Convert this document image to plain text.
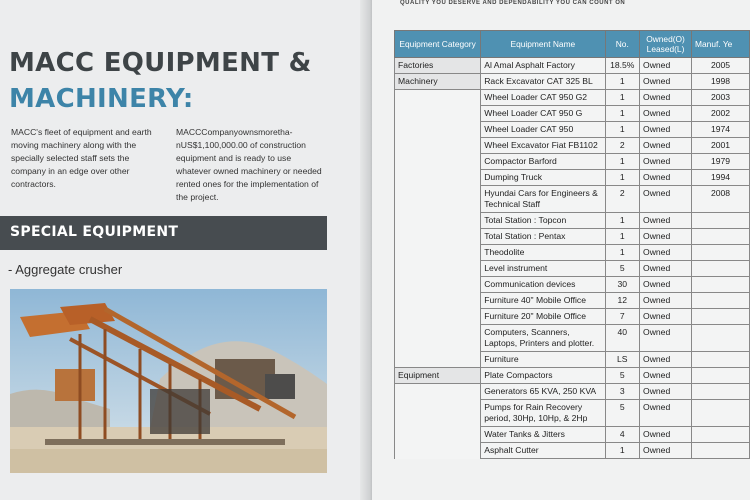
MACC EQUIPMENT &
MACHINERY:
MACC's fleet of equipment and earth moving machinery along with the specially selected staff sets the company in an edge over other contractors.
MACCCompanyownsmorethanUS$1,100,000.00 of construction equipment and is ready to use whatever owned machinery or needed rented ones for the implementation of the project.
SPECIAL EQUIPMENT
- Aggregate crusher
QUALITY YOU DESERVE AND DEPENDABILITY YOU CAN COUNT ON
Equipment Category	Equipment Name	No.	Owned(O) Leased(L)	Manuf. Ye
Factories	Al Amal Asphalt Factory	18.5%	Owned	2005
Machinery	Rack Excavator CAT 325 BL	1	Owned	1998
	Wheel Loader CAT 950 G2	1	Owned	2003
	Wheel Loader CAT 950 G	1	Owned	2002
	Wheel Loader CAT 950	1	Owned	1974
	Wheel Excavator Fiat FB1102	2	Owned	2001
	Compactor Barford	1	Owned	1979
	Dumping Truck	1	Owned	1994
	Hyundai Cars for Engineers & Technical Staff	2	Owned	2008
	Total Station : Topcon	1	Owned	
	Total Station : Pentax	1	Owned	
	Theodolite	1	Owned	
	Level instrument	5	Owned	
	Communication devices	30	Owned	
	Furniture 40" Mobile Office	12	Owned	
	Furniture 20" Mobile Office	7	Owned	
	Computers, Scanners, Laptops, Printers and plotter.	40	Owned	
	Furniture	LS	Owned	
Equipment	Plate Compactors	5	Owned	
	Generators 65 KVA, 250 KVA	3	Owned	
	Pumps for Rain Recovery period, 30Hp, 10Hp, & 2Hp	5	Owned	
	Water Tanks & Jitters	4	Owned	
	Asphalt Cutter	1	Owned	
